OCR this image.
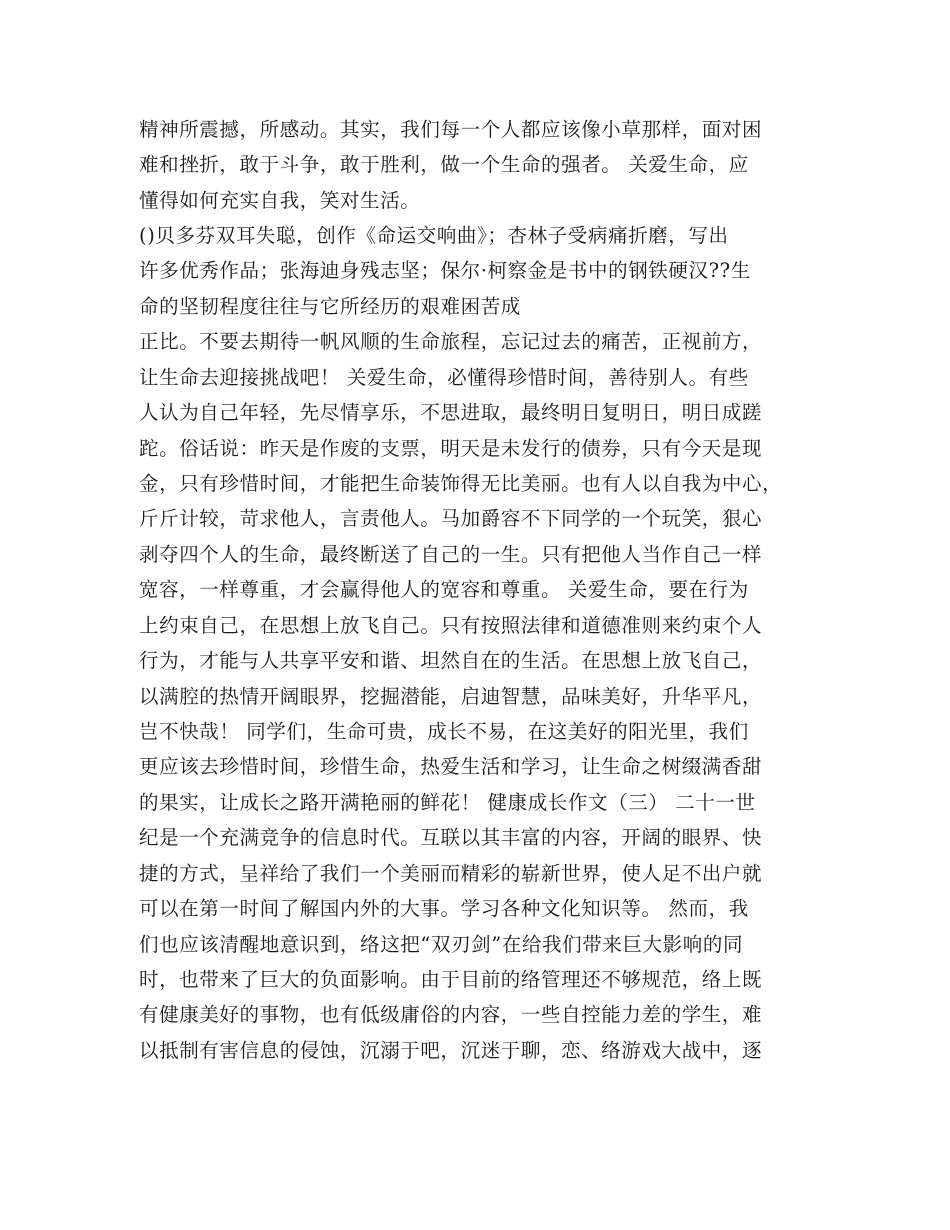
精神所震撼，所感动。其实，我们每一个人都应该像小草那样，面对困
难和挫折，敢于斗争，敢于胜利，做一个生命的强者。 关爱生命，应
懂得如何充实自我，笑对生活。
()贝多芬双耳失聪，创作《命运交响曲》；杏林子受病痛折磨，写出
许多优秀作品；张海迪身残志坚；保尔·柯察金是书中的钢铁硬汉??生
命的坚韧程度往往与它所经历的艰难困苦成
正比。不要去期待一帆风顺的生命旅程，忘记过去的痛苦，正视前方，
让生命去迎接挑战吧！ 关爱生命，必懂得珍惜时间，善待别人。有些
人认为自己年轻，先尽情享乐，不思进取，最终明日复明日，明日成蹉
跎。俗话说：昨天是作废的支票，明天是未发行的债券，只有今天是现
金，只有珍惜时间，才能把生命装饰得无比美丽。也有人以自我为中心，
斤斤计较，苛求他人，言责他人。马加爵容不下同学的一个玩笑，狠心
剥夺四个人的生命，最终断送了自己的一生。只有把他人当作自己一样
宽容，一样尊重，才会赢得他人的宽容和尊重。 关爱生命，要在行为
上约束自己，在思想上放飞自己。只有按照法律和道德准则来约束个人
行为，才能与人共享平安和谐、坦然自在的生活。在思想上放飞自己，
以满腔的热情开阔眼界，挖掘潜能，启迪智慧，品味美好，升华平凡，
岂不快哉！ 同学们，生命可贵，成长不易，在这美好的阳光里，我们
更应该去珍惜时间，珍惜生命，热爱生活和学习，让生命之树缀满香甜
的果实，让成长之路开满艳丽的鲜花！ 健康成长作文（三） 二十一世
纪是一个充满竞争的信息时代。互联以其丰富的内容，开阔的眼界、快
捷的方式，呈祥给了我们一个美丽而精彩的崭新世界，使人足不出户就
可以在第一时间了解国内外的大事。学习各种文化知识等。 然而，我
们也应该清醒地意识到，络这把“双刃剑”在给我们带来巨大影响的同
时，也带来了巨大的负面影响。由于目前的络管理还不够规范，络上既
有健康美好的事物，也有低级庸俗的内容，一些自控能力差的学生，难
以抵制有害信息的侵蚀，沉溺于吧，沉迷于聊，恋、络游戏大战中，逐
